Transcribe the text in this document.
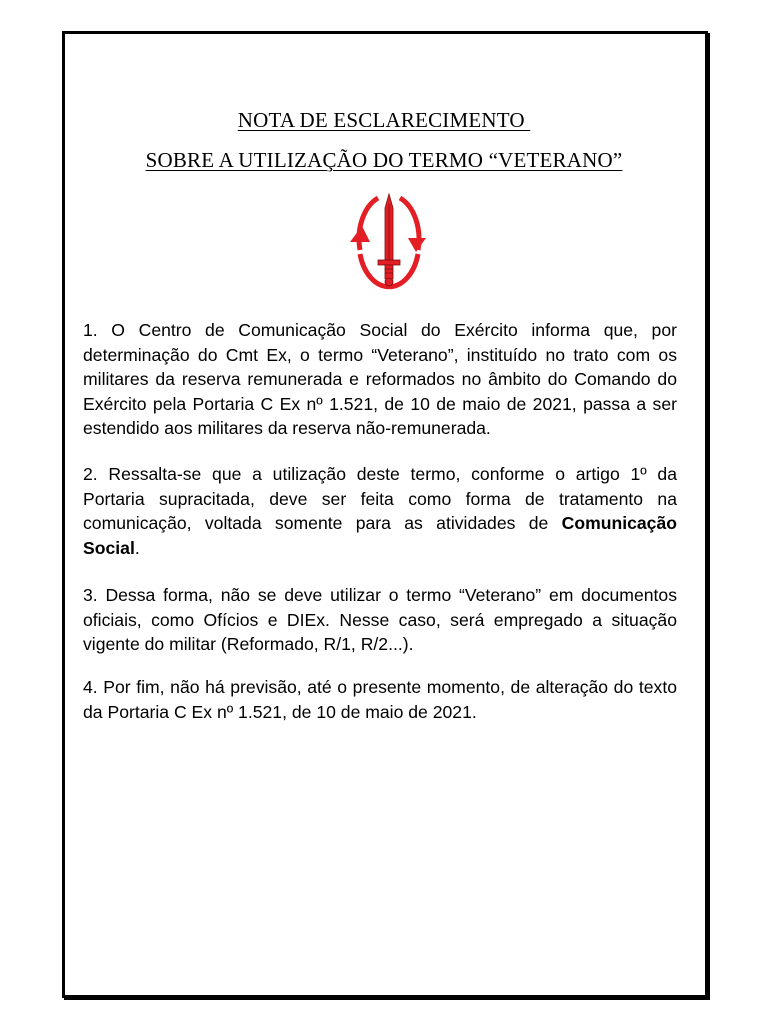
NOTA DE ESCLARECIMENTO
SOBRE A UTILIZAÇÃO DO TERMO “VETERANO”
1. O Centro de Comunicação Social do Exército informa que, por determinação do Cmt Ex, o termo “Veterano”, instituído no trato com os militares da reserva remunerada e reformados no âmbito do Comando do Exército pela Portaria C Ex nº 1.521, de 10 de maio de 2021, passa a ser estendido aos militares da reserva não-remunerada.
2. Ressalta-se que a utilização deste termo, conforme o artigo 1º da Portaria supracitada, deve ser feita como forma de tratamento na comunicação, voltada somente para as atividades de Comunicação Social.
3. Dessa forma, não se deve utilizar o termo “Veterano” em documentos oficiais, como Ofícios e DIEx. Nesse caso, será empregado a situação vigente do militar (Reformado, R/1, R/2...).
4. Por fim, não há previsão, até o presente momento, de alteração do texto da Portaria C Ex nº 1.521, de 10 de maio de 2021.
